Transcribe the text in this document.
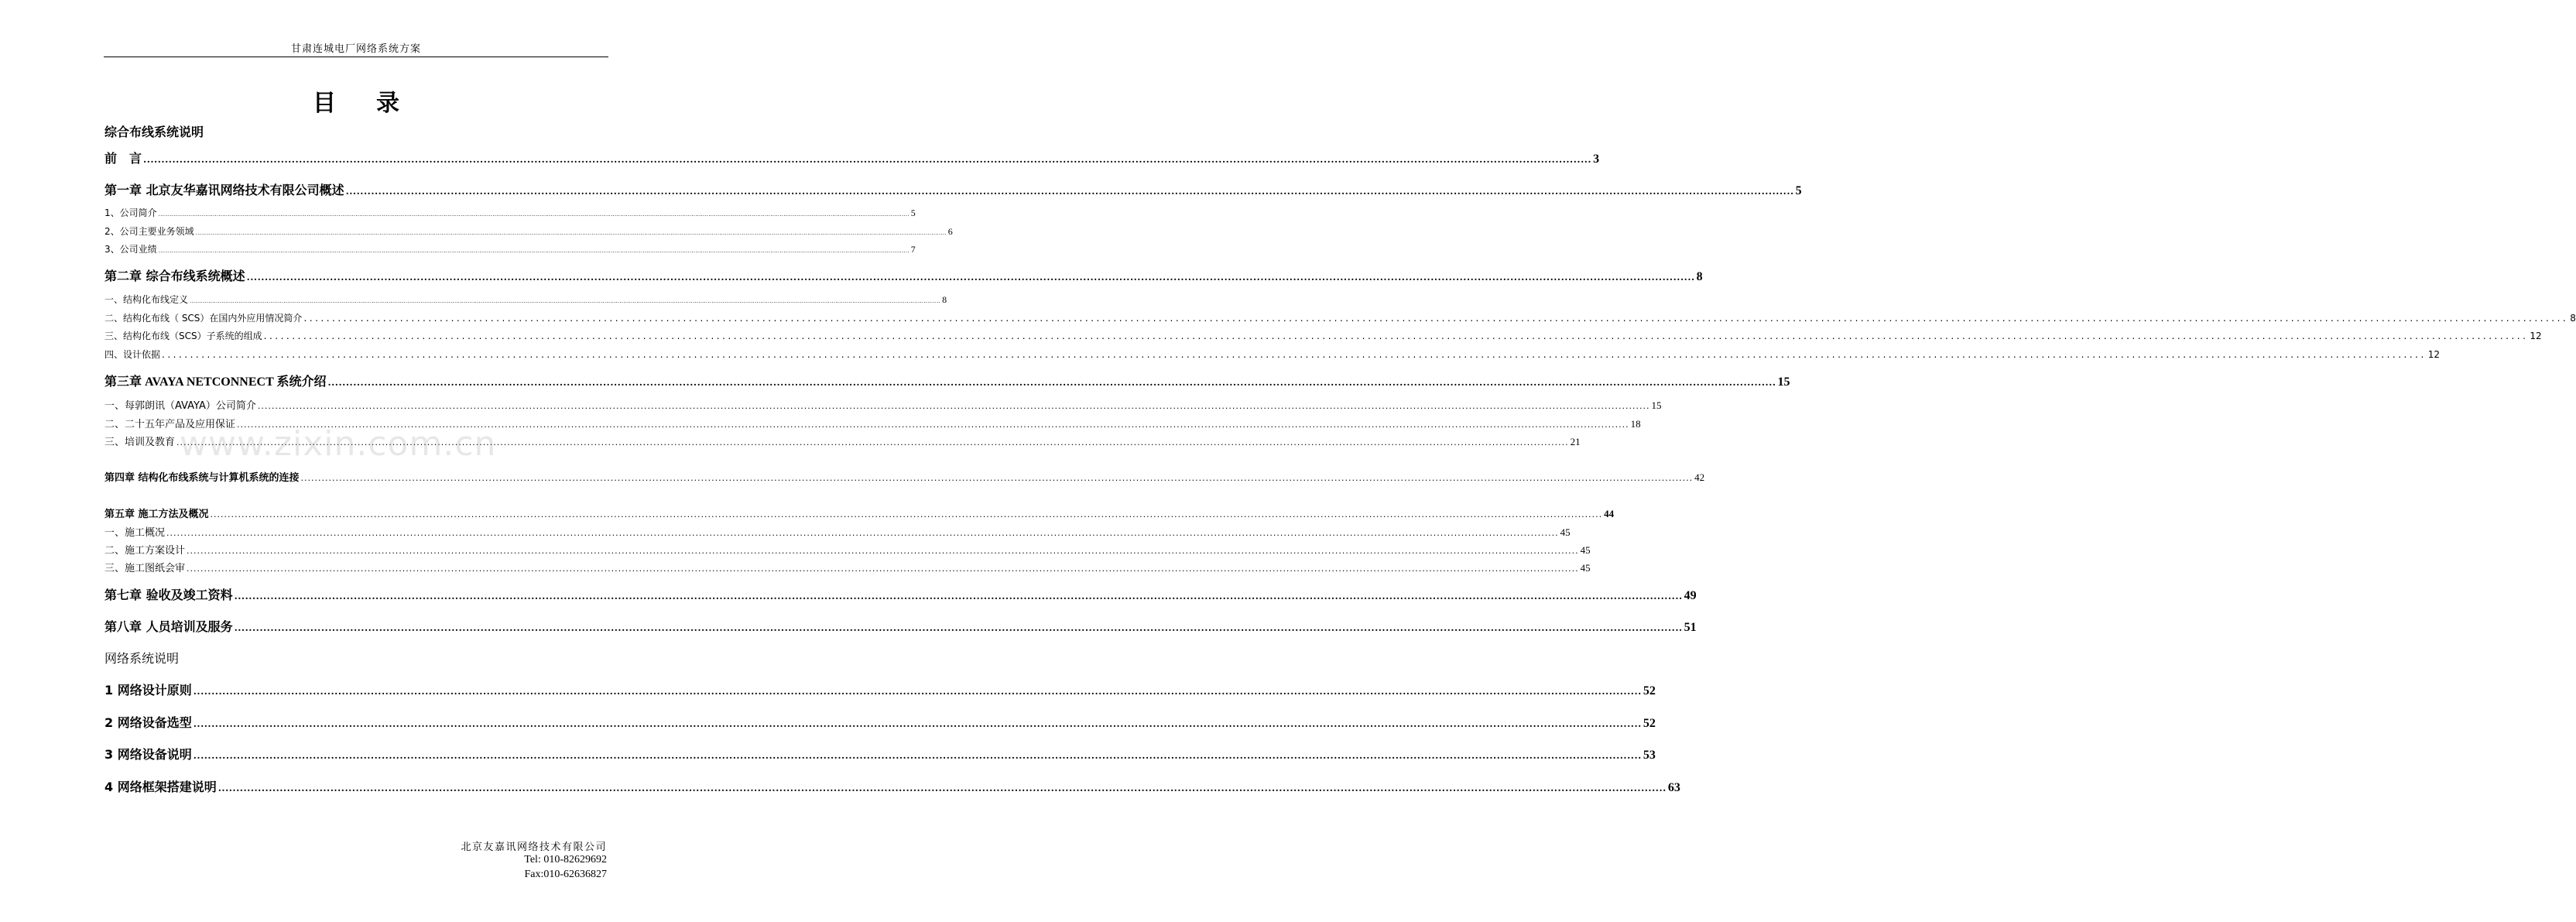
甘肃连城电厂网络系统方案
目 录
综合布线系统说明
前　言 ................................................................................................................................................................................................................................................................................................................................................................................................................ 3
第一章 北京友华嘉讯网络技术有限公司概述 ................................................................................................................................................................................................................................................................................................................................................................................................................ 5
1、公司简介 ................................................................................................................................................................................................................................................................................................................................................................................................................ 5
2、公司主要业务领域 ................................................................................................................................................................................................................................................................................................................................................................................................................ 6
3、公司业绩 ................................................................................................................................................................................................................................................................................................................................................................................................................ 7
第二章 综合布线系统概述 ................................................................................................................................................................................................................................................................................................................................................................................................................ 8
一、结构化布线定义 ................................................................................................................................................................................................................................................................................................................................................................................................................ 8
二、结构化布线（ SCS）在国内外应用情况简介 ................................................................................................................................................................................................................................................................................................................................................................................................................ 8
三、结构化布线（SCS）子系统的组成 ................................................................................................................................................................................................................................................................................................................................................................................................................ 12
四、设计依据 ................................................................................................................................................................................................................................................................................................................................................................................................................ 12
第三章 AVAYA NETCONNECT 系统介绍 ................................................................................................................................................................................................................................................................................................................................................................................................................ 15
一、每郭朗讯（AVAYA）公司简介 ................................................................................................................................................................................................................................................................................................................................................................................................................ 15
二、二十五年产品及应用保证 ................................................................................................................................................................................................................................................................................................................................................................................................................ 18
三、培训及教育 ................................................................................................................................................................................................................................................................................................................................................................................................................ 21
第四章 结构化布线系统与计算机系统的连接 ................................................................................................................................................................................................................................................................................................................................................................................................................ 42
第五章 施工方法及概况 ................................................................................................................................................................................................................................................................................................................................................................................................................ 44
一、施工概况 ................................................................................................................................................................................................................................................................................................................................................................................................................ 45
二、施工方案设计 ................................................................................................................................................................................................................................................................................................................................................................................................................ 45
三、施工图纸会审 ................................................................................................................................................................................................................................................................................................................................................................................................................ 45
第七章 验收及竣工资料 ................................................................................................................................................................................................................................................................................................................................................................................................................ 49
第八章 人员培训及服务 ................................................................................................................................................................................................................................................................................................................................................................................................................ 51
网络系统说明
1 网络设计原则 ................................................................................................................................................................................................................................................................................................................................................................................................................ 52
2 网络设备选型 ................................................................................................................................................................................................................................................................................................................................................................................................................ 52
3 网络设备说明 ................................................................................................................................................................................................................................................................................................................................................................................................................ 53
4 网络框架搭建说明 ................................................................................................................................................................................................................................................................................................................................................................................................................ 63
www.zixin.com.cn
北京友嘉讯网络技术有限公司
Tel: 010-82629692
Fax:010-62636827
